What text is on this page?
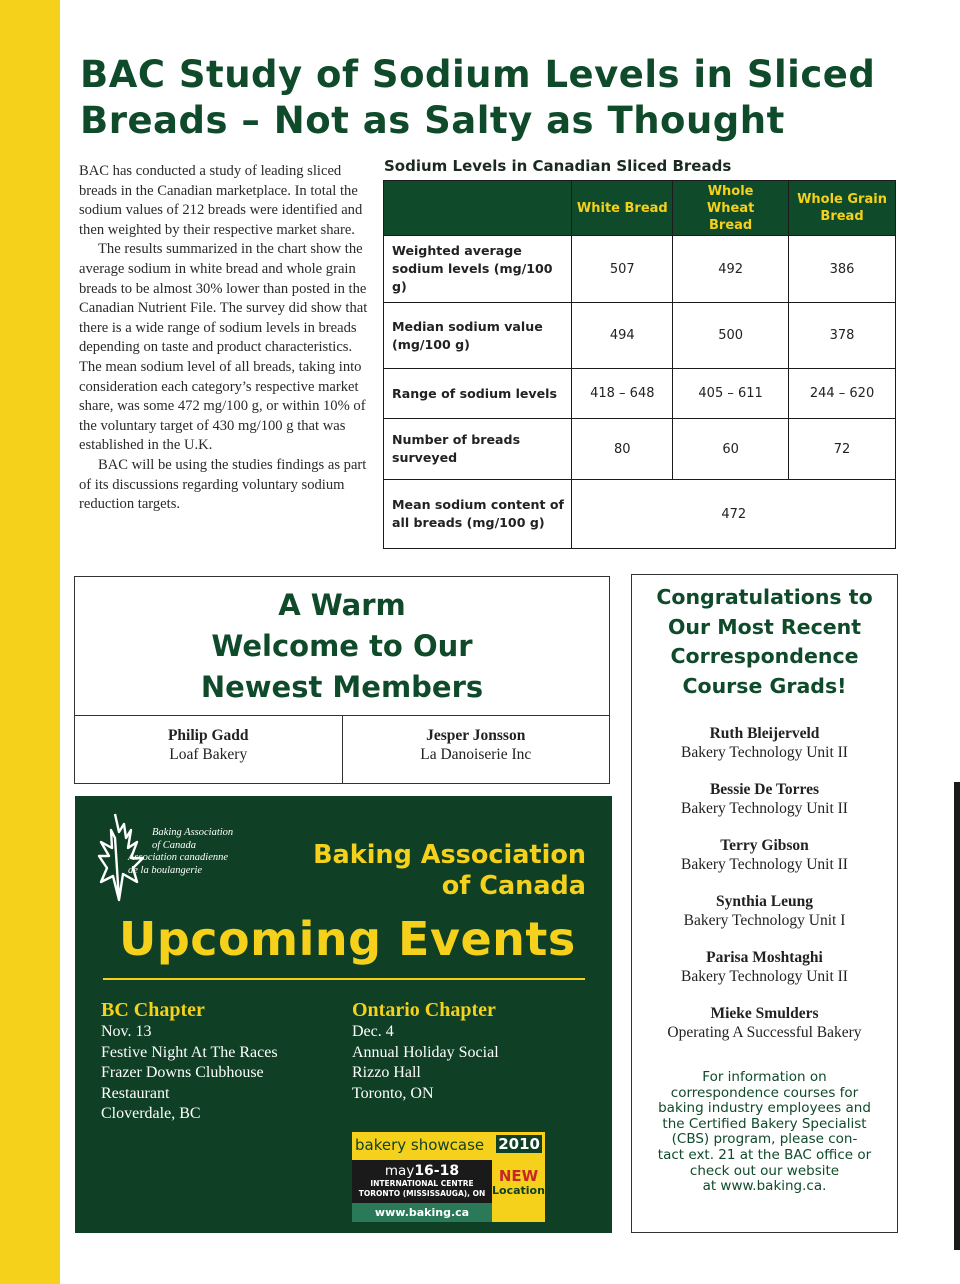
BAC Study of Sodium Levels in Sliced
Breads – Not as Salty as Thought

BAC has conducted a study of leading sliced breads in the Canadian marketplace. In total the sodium values of 212 breads were identified and then weighted by their respective market share.

The results summarized in the chart show the average sodium in white bread and whole grain breads to be almost 30% lower than posted in the Canadian Nutrient File. The survey did show that there is a wide range of sodium levels in breads depending on taste and product characteristics. The mean sodium level of all breads, taking into consideration each category’s respective market share, was some 472 mg/100 g, or within 10% of the voluntary target of 430 mg/100 g that was established in the U.K.

BAC will be using the studies findings as part of its discussions regarding voluntary sodium reduction targets.

Sodium Levels in Canadian Sliced Breads
	White Bread	Whole Wheat Bread	Whole Grain Bread
Weighted average sodium levels (mg/100 g)	507	492	386
Median sodium value (mg/100 g)	494	500	378
Range of sodium levels	418 – 648	405 – 611	244 – 620
Number of breads surveyed	80	60	72
Mean sodium content of all breads (mg/100 g)	472		
A Warm
Welcome to Our
Newest Members
Philip Gadd
Loaf Bakery
Jesper Jonsson
La Danoiserie Inc
Baking Association
of Canada
Association canadienne
de la boulangerie
Baking Association
of Canada
Upcoming Events
BC Chapter
Nov. 13
Festive Night At The Races
Frazer Downs Clubhouse
Restaurant
Cloverdale, BC
Ontario Chapter
Dec. 4
Annual Holiday Social
Rizzo Hall
Toronto, ON
bakery showcase 2010
may16-18
INTERNATIONAL CENTRE
TORONTO (MISSISSAUGA), ON
NEW
Location!
www.baking.ca
Congratulations to
Our Most Recent
Correspondence
Course Grads!
Ruth Bleijerveld
Bakery Technology Unit II
Bessie De Torres
Bakery Technology Unit II
Terry Gibson
Bakery Technology Unit II
Synthia Leung
Bakery Technology Unit I
Parisa Moshtaghi
Bakery Technology Unit II
Mieke Smulders
Operating A Successful Bakery
For information on
correspondence courses for
baking industry employees and
the Certified Bakery Specialist
(CBS) program, please con-
tact ext. 21 at the BAC office or
check out our website
at www.baking.ca.
